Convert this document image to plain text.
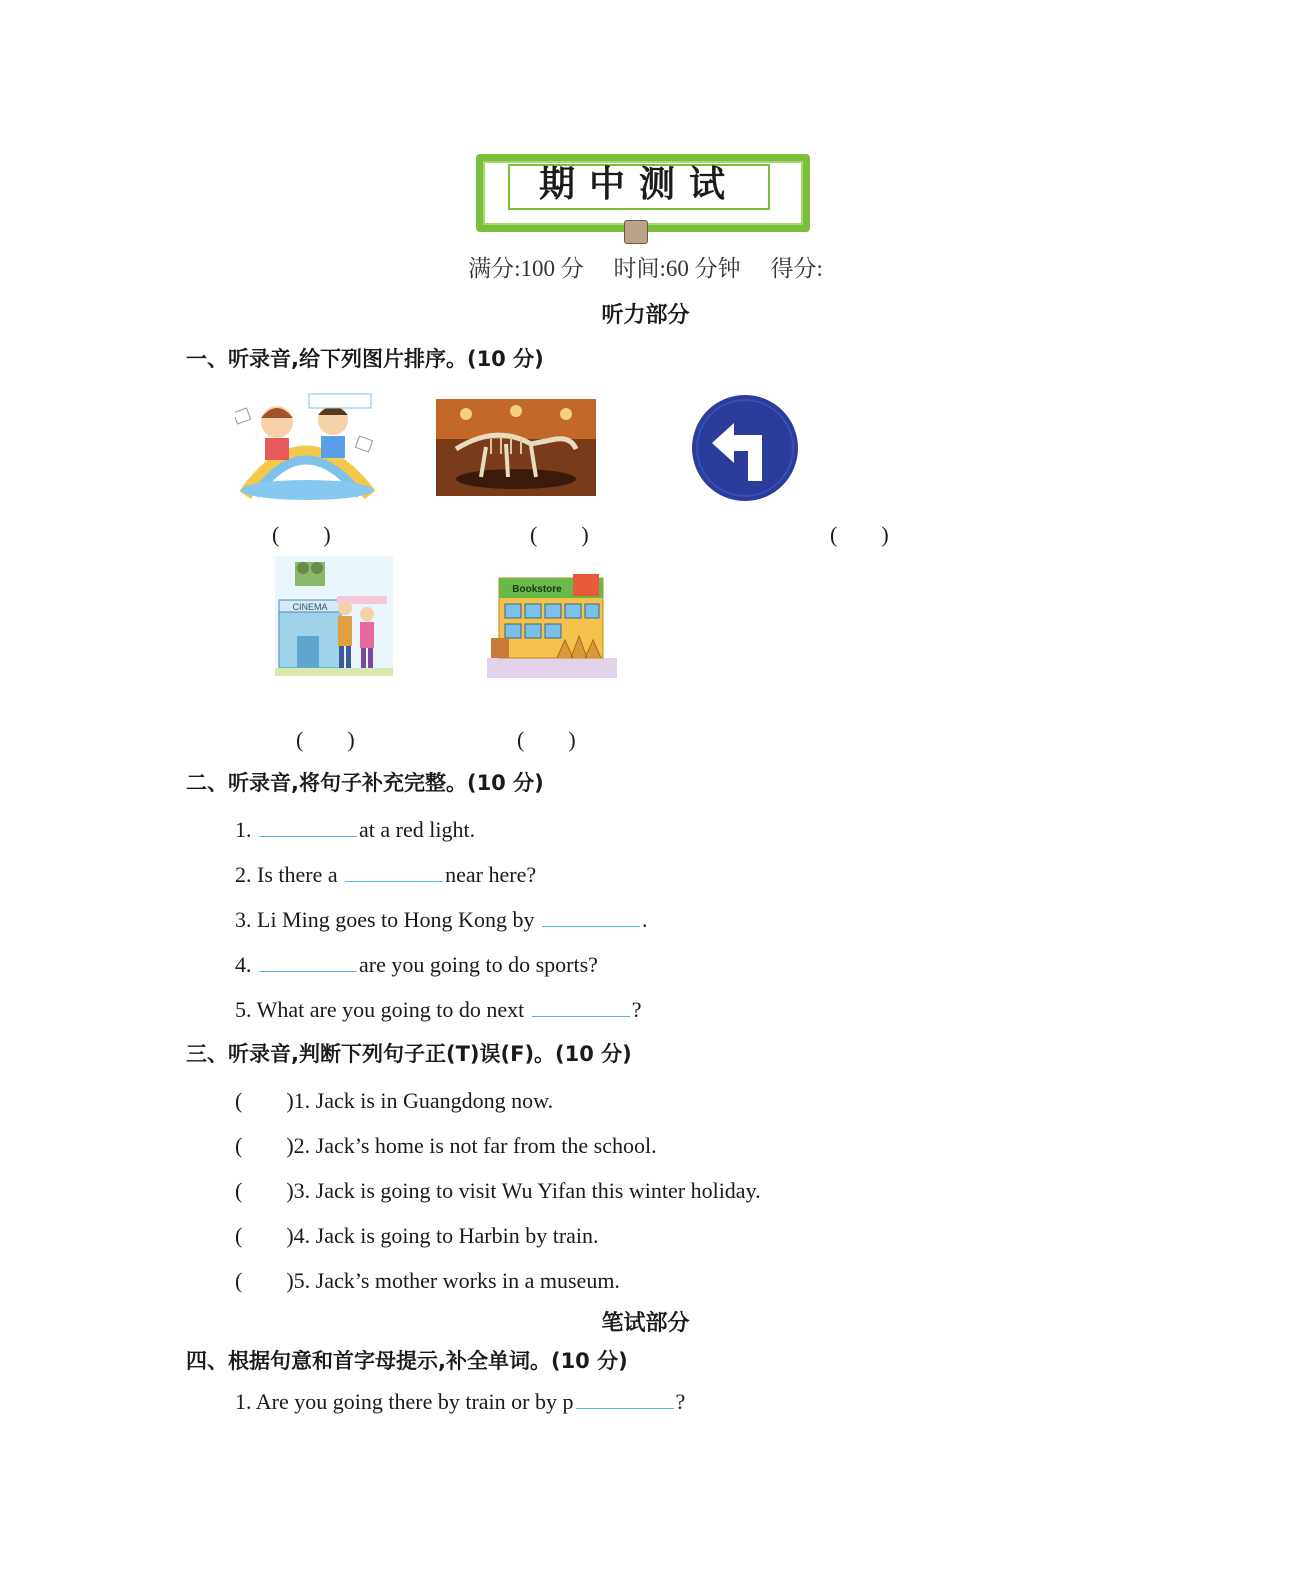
期中测试
满分:100 分 时间:60 分钟 得分:
听力部分
一、听录音,给下列图片排序。(10 分)
(　　)	(　　)	(　　)
CINEMA
Bookstore
(　　)	(　　)
二、听录音,将句子补充完整。(10 分)
1.	at a red light.
2. Is there a	near here?
3. Li Ming goes to Hong Kong by	.
4.	are you going to do sports?
5. What are you going to do next	?
三、听录音,判断下列句子正(T)误(F)。(10 分)
(　　)1. Jack is in Guangdong now.
(　　)2. Jack’s home is not far from the school.
(　　)3. Jack is going to visit Wu Yifan this winter holiday.
(　　)4. Jack is going to Harbin by train.
(　　)5. Jack’s mother works in a museum.
笔试部分
四、根据句意和首字母提示,补全单词。(10 分)
1. Are you going there by train or by p	?
